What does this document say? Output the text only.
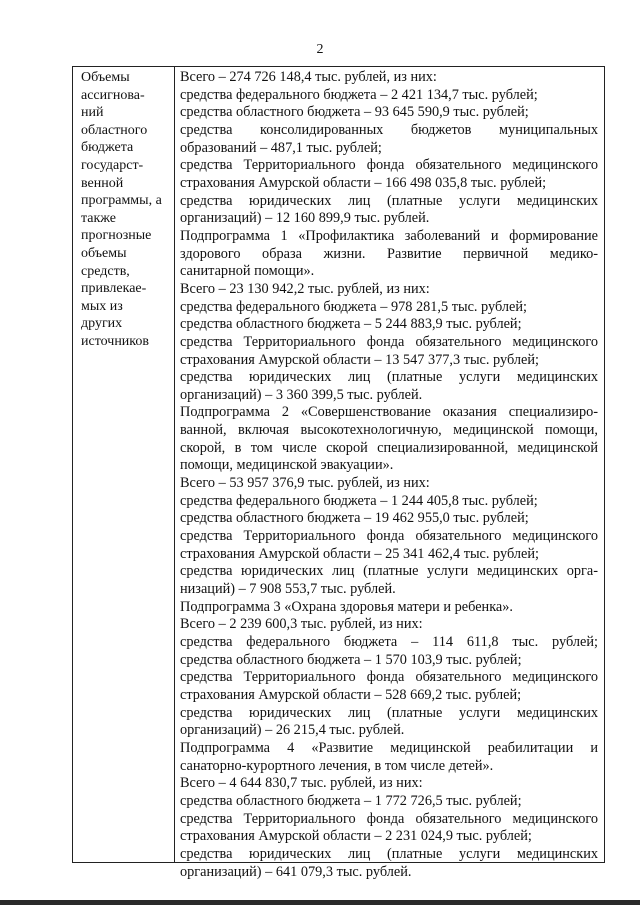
2
Объемы
ассигнова-
ний
областного
бюджета
государст-
венной
программы, а
также
прогнозные
объемы
средств,
привлекае-
мых из
других
источников
Всего – 274 726 148,4 тыс. рублей, из них:
средства федерального бюджета – 2 421 134,7 тыс. рублей;
средства областного бюджета – 93 645 590,9 тыс. рублей;
средства консолидированных бюджетов муниципальных
образований – 487,1 тыс. рублей;
средства Территориального фонда обязательного медицинского
страхования Амурской области – 166 498 035,8 тыс. рублей;
средства юридических лиц (платные услуги медицинских
организаций) – 12 160 899,9 тыс. рублей.
Подпрограмма 1 «Профилактика заболеваний и формирование
здорового образа жизни. Развитие первичной медико-
санитарной помощи».
Всего – 23 130 942,2 тыс. рублей, из них:
средства федерального бюджета – 978 281,5 тыс. рублей;
средства областного бюджета – 5 244 883,9 тыс. рублей;
средства Территориального фонда обязательного медицинского
страхования Амурской области – 13 547 377,3 тыс. рублей;
средства юридических лиц (платные услуги медицинских
организаций) – 3 360 399,5 тыс. рублей.
Подпрограмма 2 «Совершенствование оказания специализиро-
ванной, включая высокотехнологичную, медицинской помощи,
скорой, в том числе скорой специализированной, медицинской
помощи, медицинской эвакуации».
Всего – 53 957 376,9 тыс. рублей, из них:
средства федерального бюджета – 1 244 405,8 тыс. рублей;
средства областного бюджета – 19 462 955,0 тыс. рублей;
средства Территориального фонда обязательного медицинского
страхования Амурской области – 25 341 462,4 тыс. рублей;
средства юридических лиц (платные услуги медицинских орга-
низаций) – 7 908 553,7 тыс. рублей.
Подпрограмма 3 «Охрана здоровья матери и ребенка».
Всего – 2 239 600,3 тыс. рублей, из них:
средства федерального бюджета – 114 611,8 тыс. рублей;
средства областного бюджета – 1 570 103,9 тыс. рублей;
средства Территориального фонда обязательного медицинского
страхования Амурской области – 528 669,2 тыс. рублей;
средства юридических лиц (платные услуги медицинских
организаций) – 26 215,4 тыс. рублей.
Подпрограмма 4 «Развитие медицинской реабилитации и
санаторно-курортного лечения, в том числе детей».
Всего – 4 644 830,7 тыс. рублей, из них:
средства областного бюджета – 1 772 726,5 тыс. рублей;
средства Территориального фонда обязательного медицинского
страхования Амурской области – 2 231 024,9 тыс. рублей;
средства юридических лиц (платные услуги медицинских
организаций) – 641 079,3 тыс. рублей.
